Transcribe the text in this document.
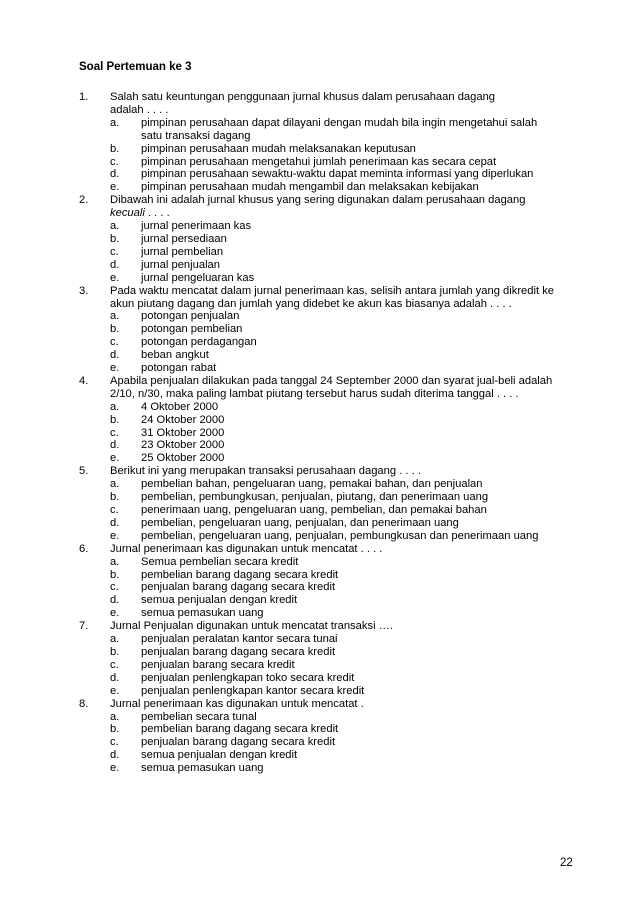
Soal Pertemuan ke 3
1.	Salah satu keuntungan penggunaan jurnal khusus dalam perusahaan dagang
adalah . . . .
a.	pimpinan perusahaan dapat dilayani dengan mudah bila ingin mengetahui salah
satu transaksi dagang
b.	pimpinan perusahaan mudah melaksanakan keputusan
c.	pimpinan perusahaan mengetahui jumlah penerimaan kas secara cepat
d.	pimpinan perusahaan sewaktu-waktu dapat meminta informasi yang diperlukan
e.	pimpinan perusahaan mudah mengambil dan melaksakan kebijakan
2.	Dibawah ini adalah jurnal khusus yang sering digunakan dalam perusahaan dagang
kecuali . . . .
a.	jurnal penerimaan kas
b.	jurnal persediaan
c.	jurnal pembelian
d.	jurnal penjualan
e.	jurnal pengeluaran kas
3.	Pada waktu mencatat dalam jurnal penerimaan kas, selisih antara jumlah yang dikredit ke
akun piutang dagang dan jumlah yang didebet ke akun kas biasanya adalah . . . .
a.	potongan penjualan
b.	potongan pembelian
c.	potongan perdagangan
d.	beban angkut
e.	potongan rabat
4.	Apabila penjualan dilakukan pada tanggal 24 September 2000 dan syarat jual-beli adalah
2/10, n/30, maka paling lambat piutang tersebut harus sudah diterima tanggal . . . .
a.	4 Oktober 2000
b.	24 Oktober 2000
c.	31 Oktober 2000
d.	23 Oktober 2000
e.	25 Oktober 2000
5.	Berikut ini yang merupakan transaksi perusahaan dagang . . . .
a.	pembelian bahan, pengeluaran uang, pemakai bahan, dan penjualan
b.	pembelian, pembungkusan, penjualan, piutang, dan penerimaan uang
c.	penerimaan uang, pengeluaran uang, pembelian, dan pemakai bahan
d.	pembelian, pengeluaran uang, penjualan, dan penerimaan uang
e.	pembelian, pengeluaran uang, penjualan, pembungkusan dan penerimaan uang
6.	Jurnal penerimaan kas digunakan untuk mencatat . . . .
a.	Semua pembelian secara kredit
b.	pembelian barang dagang secara kredit
c.	penjualan barang dagang secara kredit
d.	semua penjualan dengan kredit
e.	semua pemasukan uang
7.	Jurnal Penjualan digunakan untuk mencatat transaksi ….
a.	penjualan peralatan kantor secara tunai
b.	penjualan barang dagang secara kredit
c.	penjualan barang secara kredit
d.	penjualan penlengkapan toko secara kredit
e.	penjualan penlengkapan kantor secara kredit
8.	Jurnal penerimaan kas digunakan untuk mencatat .
a.	pembelian secara tunal
b.	pembelian barang dagang secara kredit
c.	penjualan barang dagang secara kredit
d.	semua penjualan dengan kredit
e.	semua pemasukan uang
22
